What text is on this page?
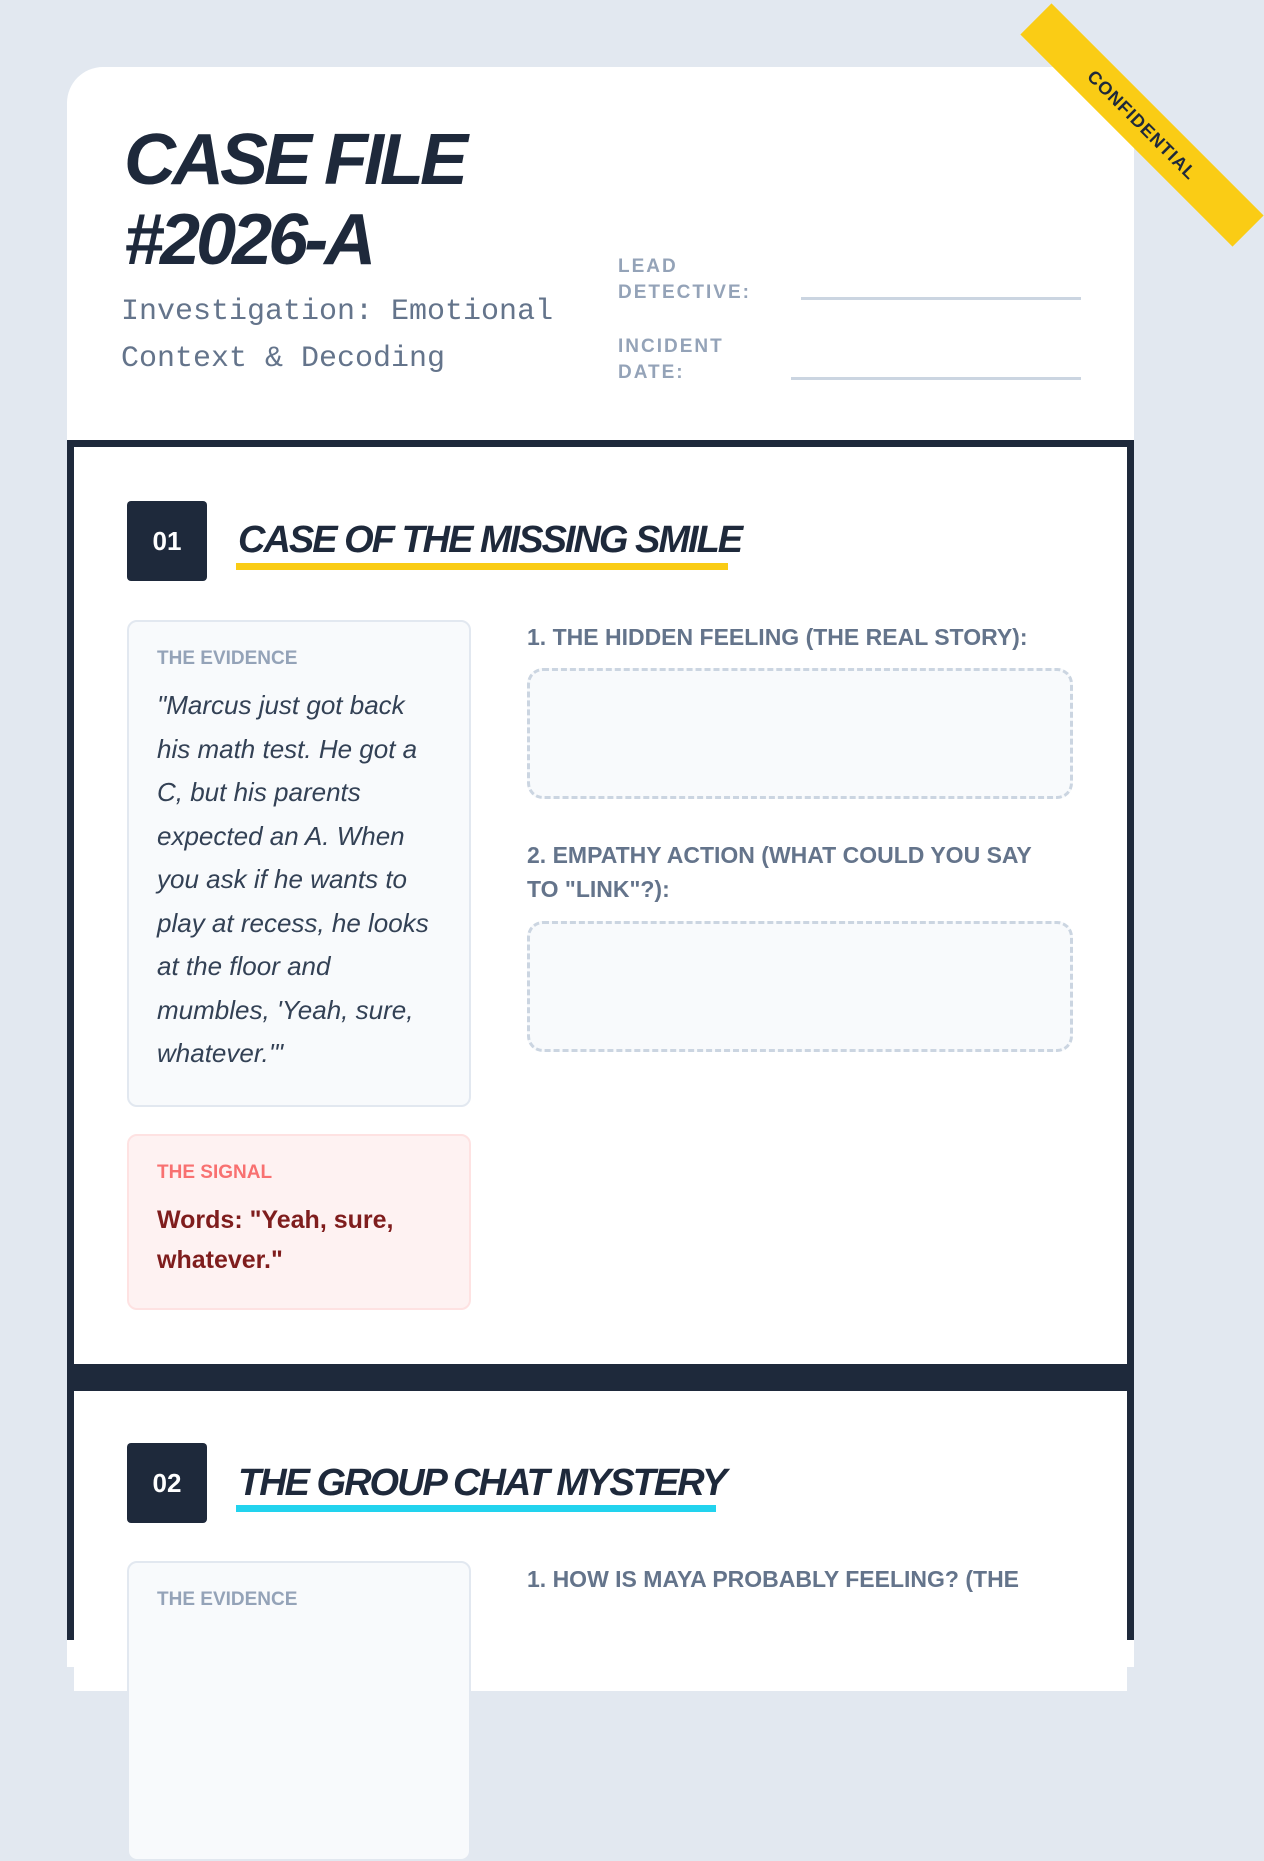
CONFIDENTIAL
CASE FILE #2026-A
Investigation: Emotional Context & Decoding
LEAD DETECTIVE:
INCIDENT DATE:
01	CASE OF THE MISSING SMILE
THE EVIDENCE
"Marcus just got back his math test. He got a C, but his parents expected an A. When you ask if he wants to play at recess, he looks at the floor and mumbles, 'Yeah, sure, whatever.'"
THE SIGNAL
Words: "Yeah, sure, whatever."
1. THE HIDDEN FEELING (THE REAL STORY):
2. EMPATHY ACTION (WHAT COULD YOU SAY TO "LINK"?):
02	THE GROUP CHAT MYSTERY
THE EVIDENCE
1. HOW IS MAYA PROBABLY FEELING? (THE
